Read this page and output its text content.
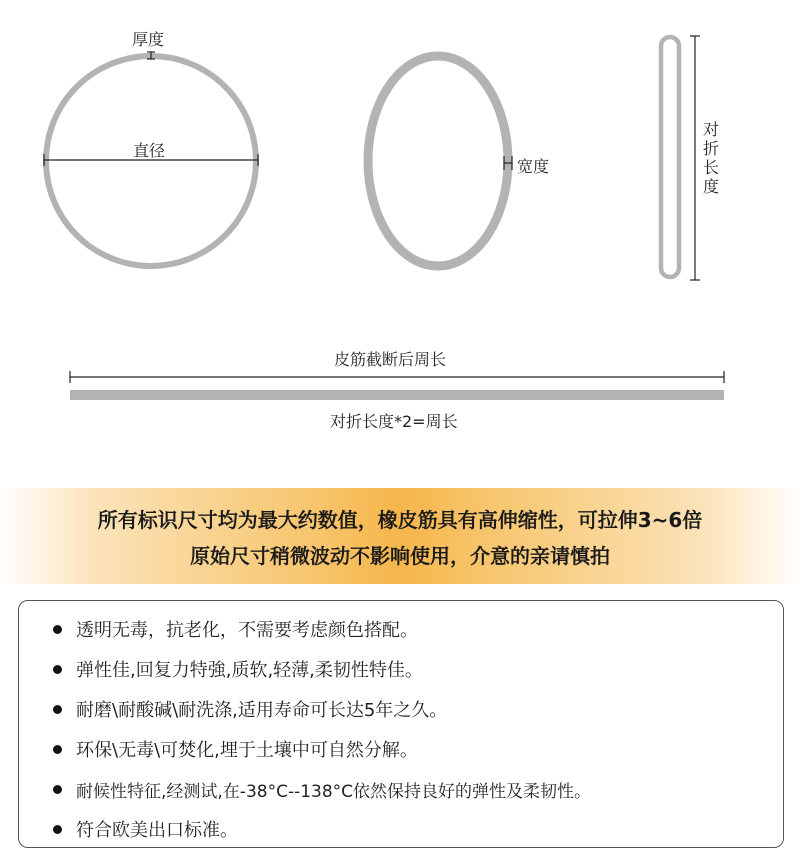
厚度
直径
宽度
对折长度
皮筋截断后周长
对折长度*2=周长
所有标识尺寸均为最大约数值，橡皮筋具有高伸缩性，可拉伸3~6倍
原始尺寸稍微波动不影响使用，介意的亲请慎拍
透明无毒，抗老化，不需要考虑颜色搭配。
弹性佳,回复力特強,质软,轻薄,柔韧性特佳。
耐磨\耐酸碱\耐洗涤,适用寿命可长达5年之久。
环保\无毒\可焚化,埋于土壤中可自然分解。
耐候性特征,经测试,在-38°C--138°C依然保持良好的弹性及柔韧性。
符合欧美出口标准。
